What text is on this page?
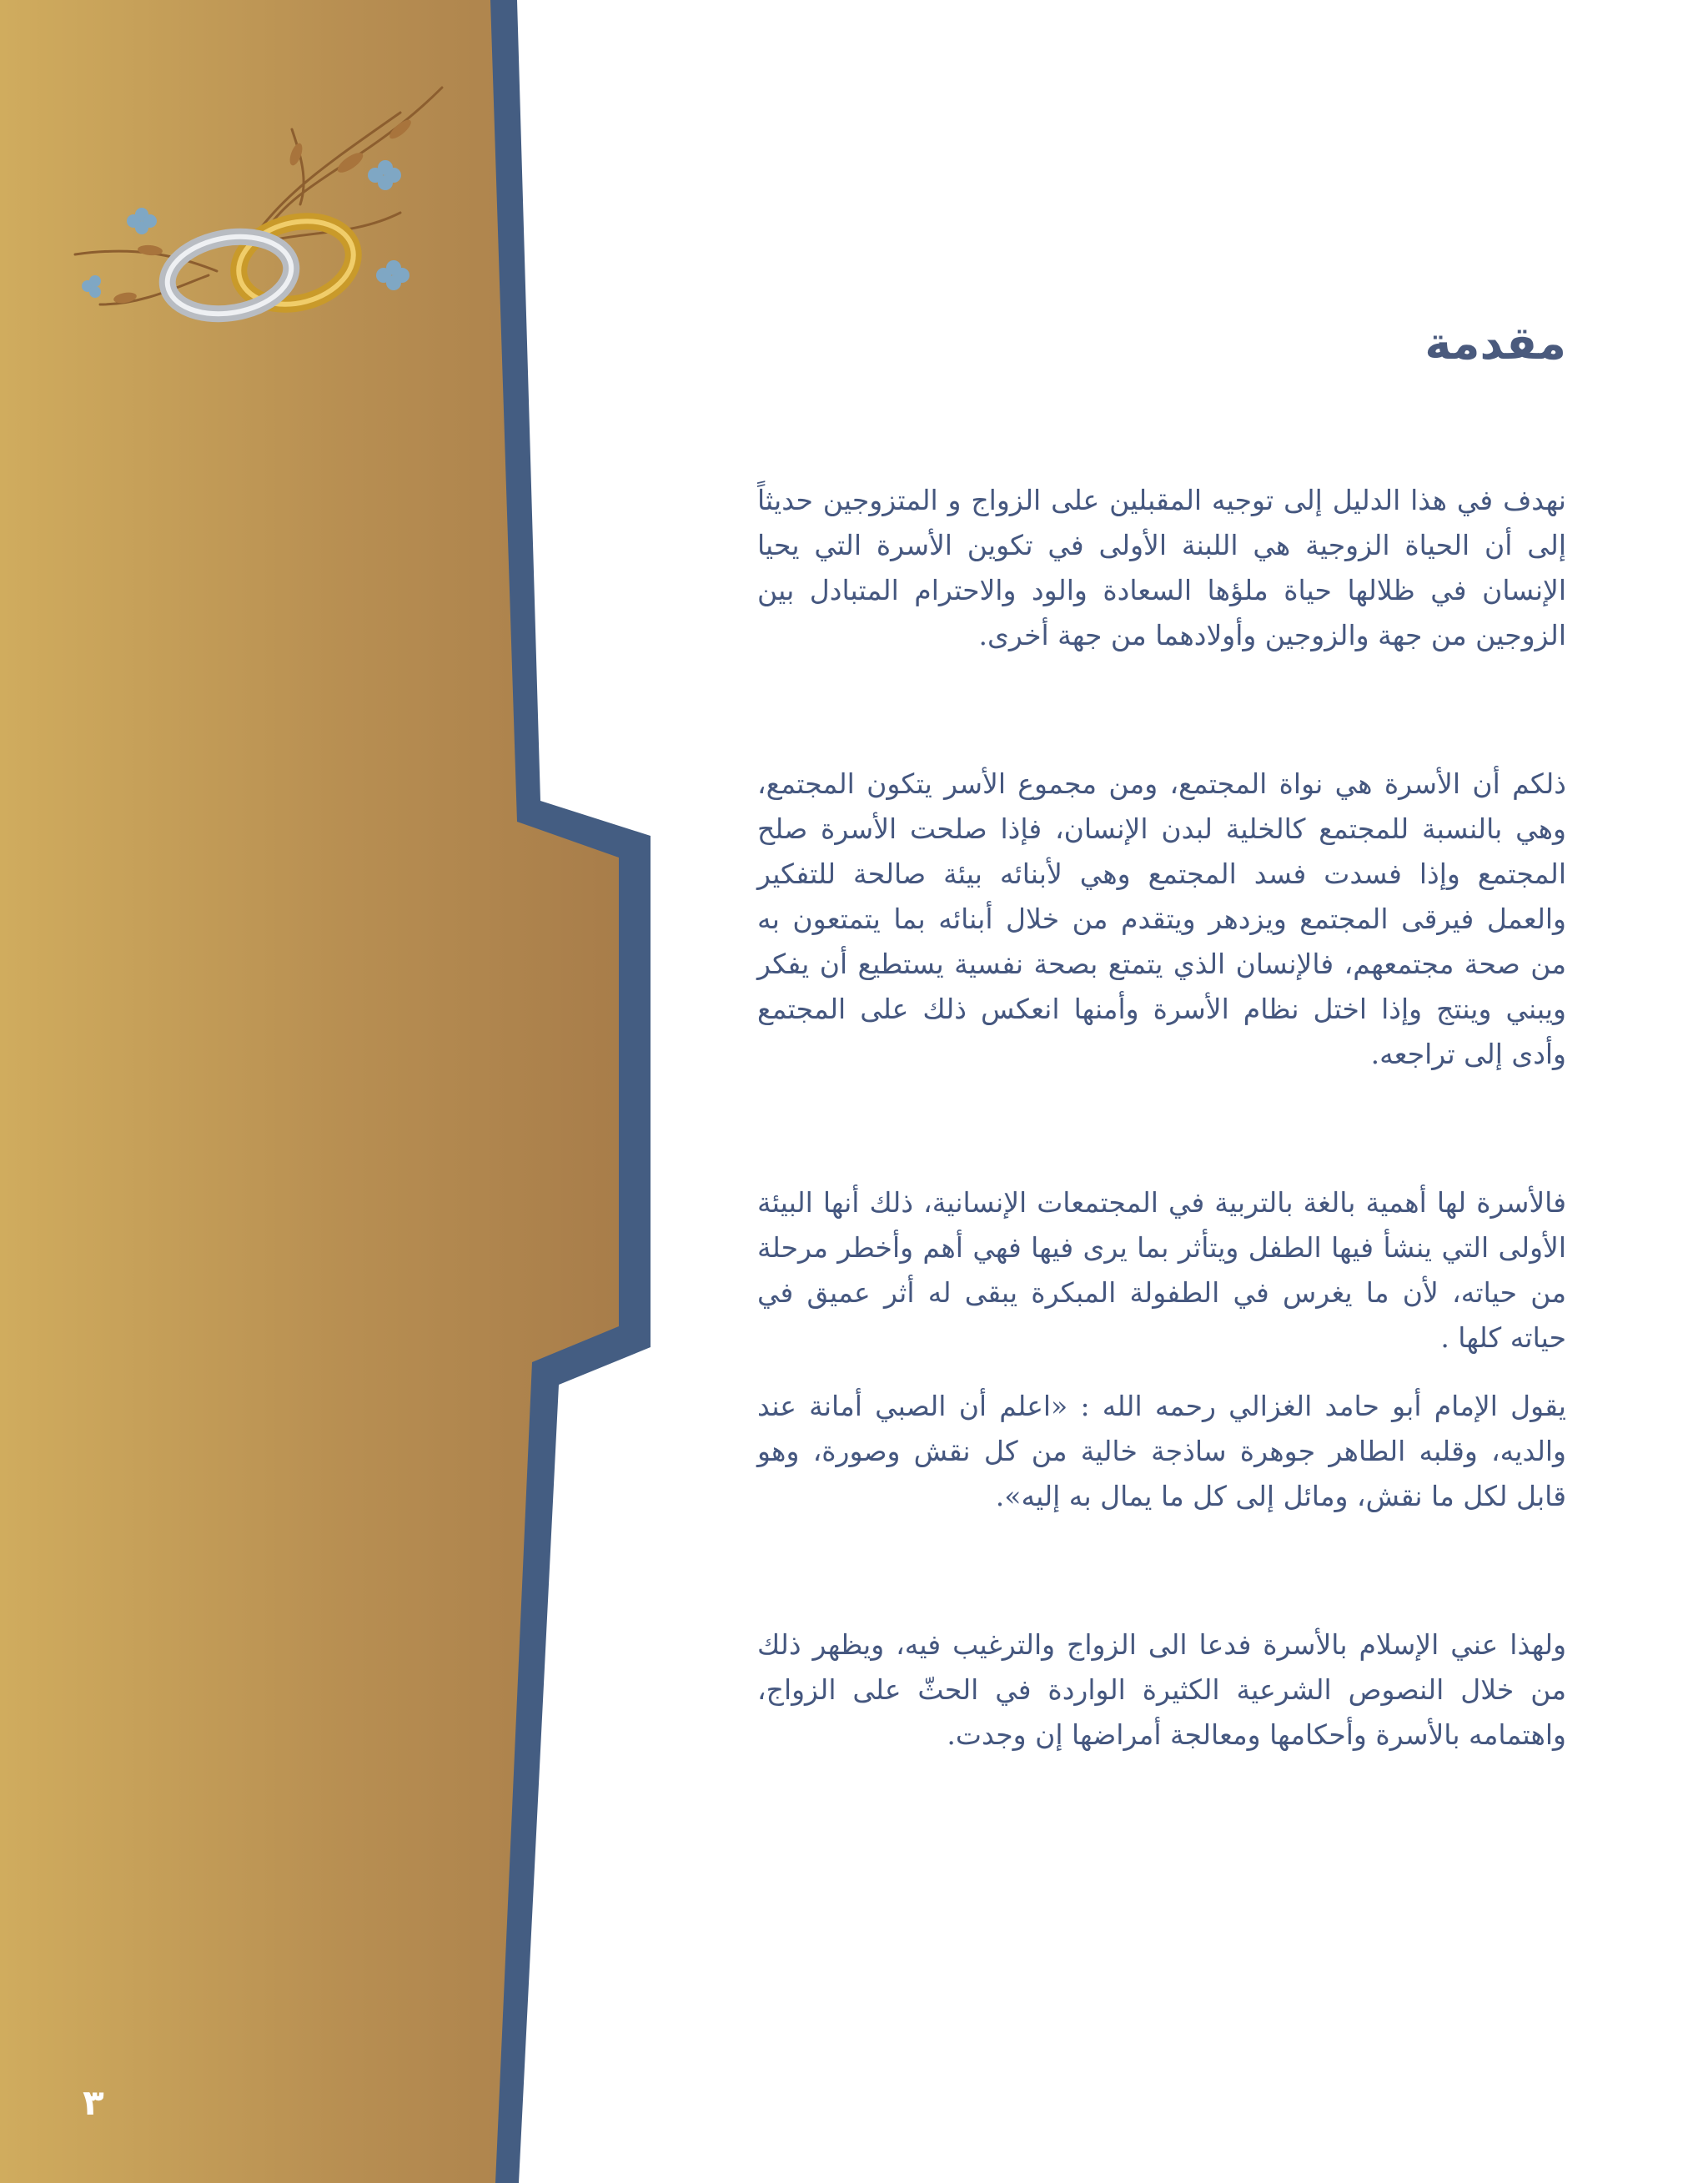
٣
مقدمة

نهدف في هذا الدليل إلى توجيه المقبلين على الزواج و المتزوجين حديثاً إلى أن الحياة الزوجية هي اللبنة الأولى في تكوين الأسرة التي يحيا الإنسان في ظلالها حياة ملؤها السعادة والود والاحترام المتبادل بين الزوجين من جهة والزوجين وأولادهما من جهة أخرى.

ذلكم أن الأسرة هي نواة المجتمع، ومن مجموع الأسر يتكون المجتمع، وهي بالنسبة للمجتمع كالخلية لبدن الإنسان، فإذا صلحت الأسرة صلح المجتمع وإذا فسدت فسد المجتمع وهي لأبنائه بيئة صالحة للتفكير والعمل فيرقى المجتمع ويزدهر ويتقدم من خلال أبنائه بما يتمتعون به من صحة مجتمعهم، فالإنسان الذي يتمتع بصحة نفسية يستطيع أن يفكر ويبني وينتج وإذا اختل نظام الأسرة وأمنها انعكس ذلك على المجتمع وأدى إلى تراجعه.

فالأسرة لها أهمية بالغة بالتربية في المجتمعات الإنسانية، ذلك أنها البيئة الأولى التي ينشأ فيها الطفل ويتأثر بما يرى فيها فهي أهم وأخطر مرحلة من حياته، لأن ما يغرس في الطفولة المبكرة يبقى له أثر عميق في حياته كلها .

يقول الإمام أبو حامد الغزالي رحمه الله : «اعلم أن الصبي أمانة عند والديه، وقلبه الطاهر جوهرة ساذجة خالية من كل نقش وصورة، وهو قابل لكل ما نقش، ومائل إلى كل ما يمال به إليه».

ولهذا عني الإسلام بالأسرة فدعا الى الزواج والترغيب فيه، ويظهر ذلك من خلال النصوص الشرعية الكثيرة الواردة في الحثّ على الزواج، واهتمامه بالأسرة وأحكامها ومعالجة أمراضها إن وجدت.
